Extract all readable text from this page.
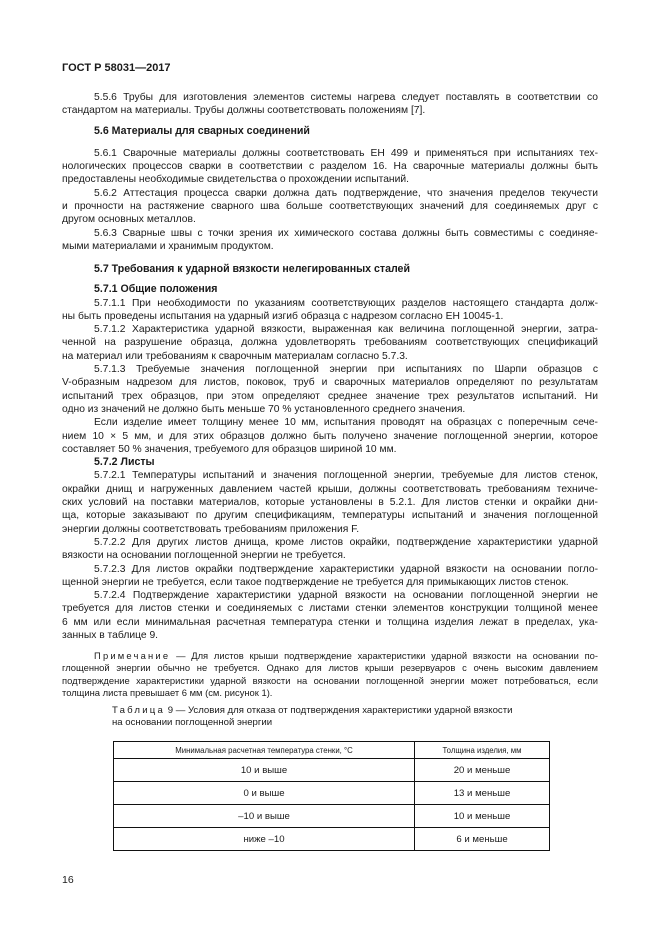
ГОСТ Р 58031—2017
5.5.6 Трубы для изготовления элементов системы нагрева следует поставлять в соответствии со
стандартом на материалы. Трубы должны соответствовать положениям [7].
5.6 Материалы для сварных соединений
5.6.1 Сварочные материалы должны соответствовать ЕН 499 и применяться при испытаниях тех-
нологических процессов сварки в соответствии с разделом 16. На сварочные материалы должны быть
предоставлены необходимые свидетельства о прохождении испытаний.
5.6.2 Аттестация процесса сварки должна дать подтверждение, что значения пределов текучести
и прочности на растяжение сварного шва больше соответствующих значений для соединяемых друг с
другом основных металлов.
5.6.3 Сварные швы с точки зрения их химического состава должны быть совместимы с соединяе-
мыми материалами и хранимым продуктом.
5.7 Требования к ударной вязкости нелегированных сталей
5.7.1 Общие положения
5.7.1.1 При необходимости по указаниям соответствующих разделов настоящего стандарта долж-
ны быть проведены испытания на ударный изгиб образца с надрезом согласно ЕН 10045-1.
5.7.1.2 Характеристика ударной вязкости, выраженная как величина поглощенной энергии, затра-
ченной на разрушение образца, должна удовлетворять требованиям соответствующих спецификаций
на материал или требованиям к сварочным материалам согласно 5.7.3.
5.7.1.3 Требуемые значения поглощенной энергии при испытаниях по Шарпи образцов с
V-образным надрезом для листов, поковок, труб и сварочных материалов определяют по результатам
испытаний трех образцов, при этом определяют среднее значение трех результатов испытаний. Ни
одно из значений не должно быть меньше 70 % установленного среднего значения.
Если изделие имеет толщину менее 10 мм, испытания проводят на образцах с поперечным сече-
нием 10 × 5 мм, и для этих образцов должно быть получено значение поглощенной энергии, которое
составляет 50 % значения, требуемого для образцов шириной 10 мм.
5.7.2 Листы
5.7.2.1 Температуры испытаний и значения поглощенной энергии, требуемые для листов стенок,
окрайки днищ и нагруженных давлением частей крыши, должны соответствовать требованиям техниче-
ских условий на поставки материалов, которые установлены в 5.2.1. Для листов стенки и окрайки дни-
ща, которые заказывают по другим спецификациям, температуры испытаний и значения поглощенной
энергии должны соответствовать требованиям приложения F.
5.7.2.2 Для других листов днища, кроме листов окрайки, подтверждение характеристики ударной
вязкости на основании поглощенной энергии не требуется.
5.7.2.3 Для листов окрайки подтверждение характеристики ударной вязкости на основании погло-
щенной энергии не требуется, если такое подтверждение не требуется для примыкающих листов стенок.
5.7.2.4 Подтверждение характеристики ударной вязкости на основании поглощенной энергии не
требуется для листов стенки и соединяемых с листами стенки элементов конструкции толщиной менее
6 мм или если минимальная расчетная температура стенки и толщина изделия лежат в пределах, ука-
занных в таблице 9.
Примечание — Для листов крыши подтверждение характеристики ударной вязкости на основании по-
глощенной энергии обычно не требуется. Однако для листов крыши резервуаров с очень высоким давлением
подтверждение характеристики ударной вязкости на основании поглощенной энергии может потребоваться, если
толщина листа превышает 6 мм (см. рисунок 1).
Таблица 9 — Условия для отказа от подтверждения характеристики ударной вязкости
на основании поглощенной энергии
Минимальная расчетная температура стенки, °С	Толщина изделия, мм
10 и выше	20 и меньше
0 и выше	13 и меньше
–10 и выше	10 и меньше
ниже –10	6 и меньше
16
